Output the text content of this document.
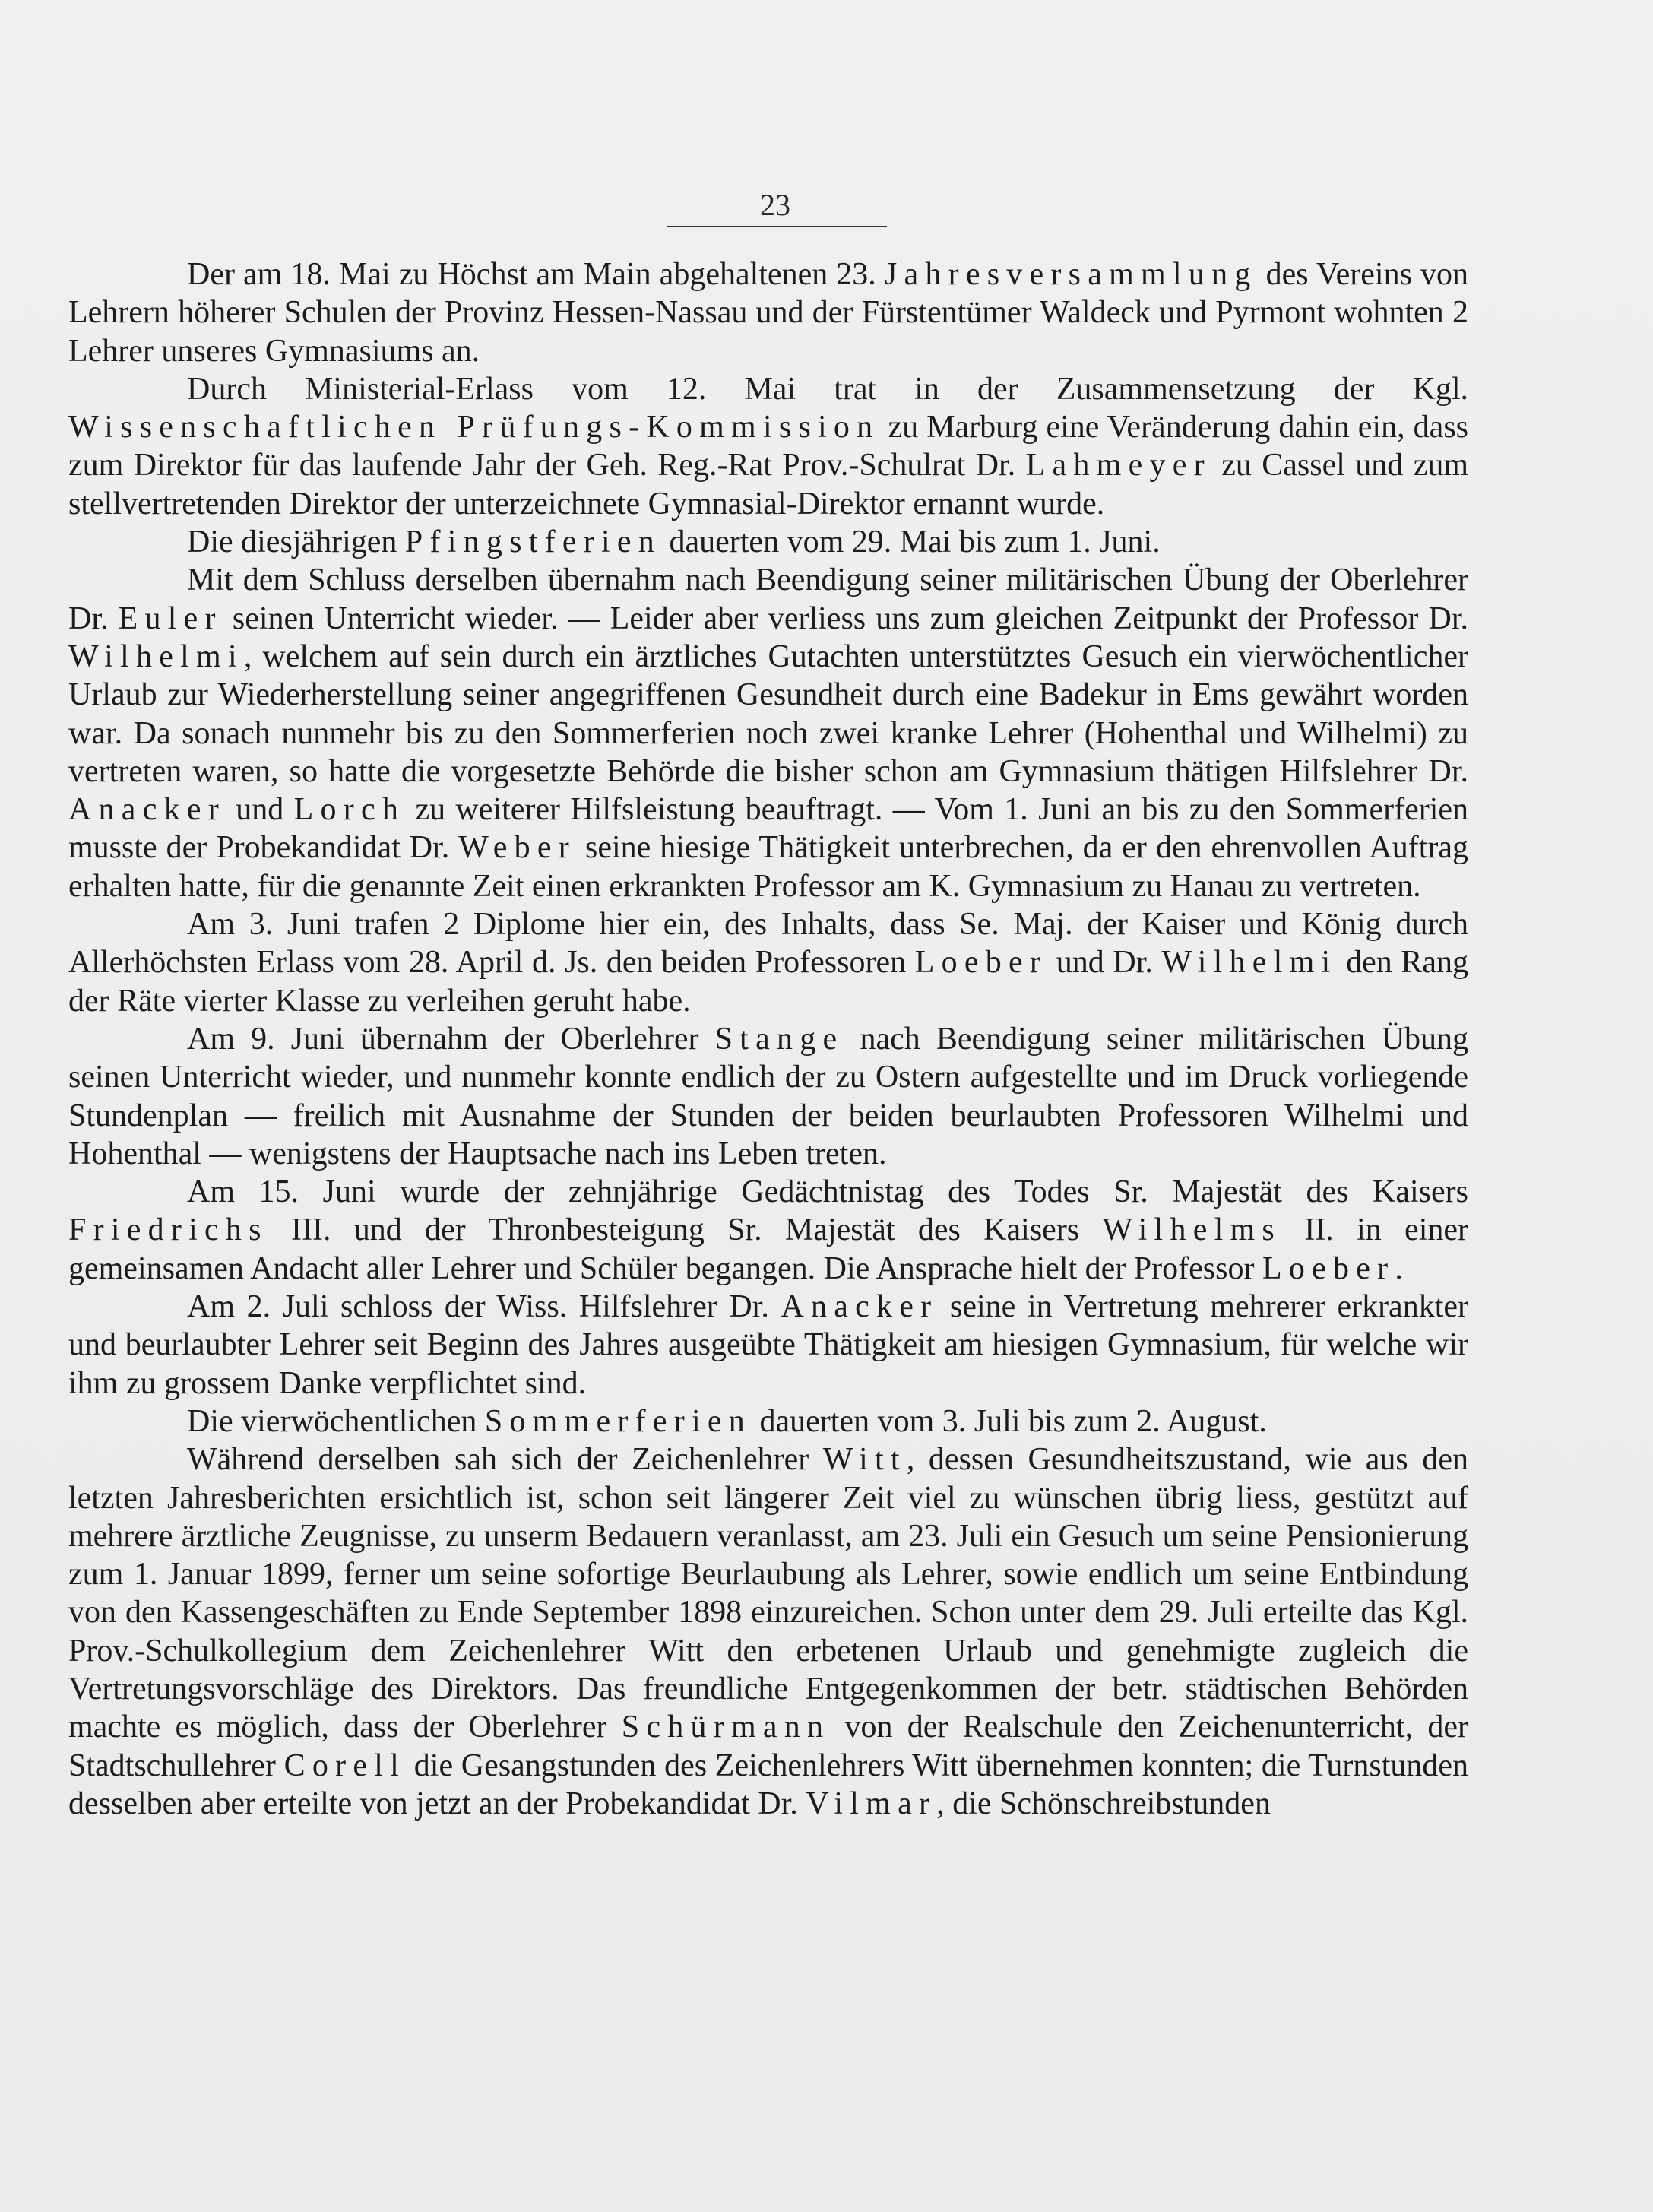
23

Der am 18. Mai zu Höchst am Main abgehaltenen 23. Jahresversammlung des Vereins von Lehrern höherer Schulen der Provinz Hessen-Nassau und der Fürstentümer Waldeck und Pyrmont wohnten 2 Lehrer unseres Gymnasiums an.

Durch Ministerial-Erlass vom 12. Mai trat in der Zusammensetzung der Kgl. Wissenschaftlichen Prüfungs-Kommission zu Marburg eine Veränderung dahin ein, dass zum Direktor für das laufende Jahr der Geh. Reg.-Rat Prov.-Schulrat Dr. Lahmeyer zu Cassel und zum stellvertretenden Direktor der unterzeichnete Gymnasial-Direktor ernannt wurde.

Die diesjährigen Pfingstferien dauerten vom 29. Mai bis zum 1. Juni.

Mit dem Schluss derselben übernahm nach Beendigung seiner militärischen Übung der Oberlehrer Dr. Euler seinen Unterricht wieder. — Leider aber verliess uns zum gleichen Zeitpunkt der Professor Dr. Wilhelmi, welchem auf sein durch ein ärztliches Gutachten unterstütztes Gesuch ein vierwöchentlicher Urlaub zur Wiederherstellung seiner angegriffenen Gesundheit durch eine Badekur in Ems gewährt worden war. Da sonach nunmehr bis zu den Sommerferien noch zwei kranke Lehrer (Hohenthal und Wilhelmi) zu vertreten waren, so hatte die vorgesetzte Behörde die bisher schon am Gymnasium thätigen Hilfslehrer Dr. Anacker und Lorch zu weiterer Hilfsleistung beauftragt. — Vom 1. Juni an bis zu den Sommerferien musste der Probekandidat Dr. Weber seine hiesige Thätigkeit unterbrechen, da er den ehrenvollen Auftrag erhalten hatte, für die genannte Zeit einen erkrankten Professor am K. Gymnasium zu Hanau zu vertreten.

Am 3. Juni trafen 2 Diplome hier ein, des Inhalts, dass Se. Maj. der Kaiser und König durch Allerhöchsten Erlass vom 28. April d. Js. den beiden Professoren Loeber und Dr. Wilhelmi den Rang der Räte vierter Klasse zu verleihen geruht habe.

Am 9. Juni übernahm der Oberlehrer Stange nach Beendigung seiner militärischen Übung seinen Unterricht wieder, und nunmehr konnte endlich der zu Ostern aufgestellte und im Druck vorliegende Stundenplan — freilich mit Ausnahme der Stunden der beiden beurlaubten Professoren Wilhelmi und Hohenthal — wenigstens der Hauptsache nach ins Leben treten.

Am 15. Juni wurde der zehnjährige Gedächtnistag des Todes Sr. Majestät des Kaisers Friedrichs III. und der Thronbesteigung Sr. Majestät des Kaisers Wilhelms II. in einer gemeinsamen Andacht aller Lehrer und Schüler begangen. Die Ansprache hielt der Professor Loeber.

Am 2. Juli schloss der Wiss. Hilfslehrer Dr. Anacker seine in Vertretung mehrerer erkrankter und beurlaubter Lehrer seit Beginn des Jahres ausgeübte Thätigkeit am hiesigen Gymnasium, für welche wir ihm zu grossem Danke verpflichtet sind.

Die vierwöchentlichen Sommerferien dauerten vom 3. Juli bis zum 2. August.

Während derselben sah sich der Zeichenlehrer Witt, dessen Gesundheitszustand, wie aus den letzten Jahresberichten ersichtlich ist, schon seit längerer Zeit viel zu wünschen übrig liess, gestützt auf mehrere ärztliche Zeugnisse, zu unserm Bedauern veranlasst, am 23. Juli ein Gesuch um seine Pensionierung zum 1. Januar 1899, ferner um seine sofortige Beurlaubung als Lehrer, sowie endlich um seine Entbindung von den Kassengeschäften zu Ende September 1898 einzureichen. Schon unter dem 29. Juli erteilte das Kgl. Prov.-Schulkollegium dem Zeichenlehrer Witt den erbetenen Urlaub und genehmigte zugleich die Vertretungsvorschläge des Direktors. Das freundliche Entgegenkommen der betr. städtischen Behörden machte es möglich, dass der Oberlehrer Schürmann von der Realschule den Zeichenunterricht, der Stadtschullehrer Corell die Gesangstunden des Zeichenlehrers Witt übernehmen konnten; die Turnstunden desselben aber erteilte von jetzt an der Probekandidat Dr. Vilmar, die Schönschreibstunden
